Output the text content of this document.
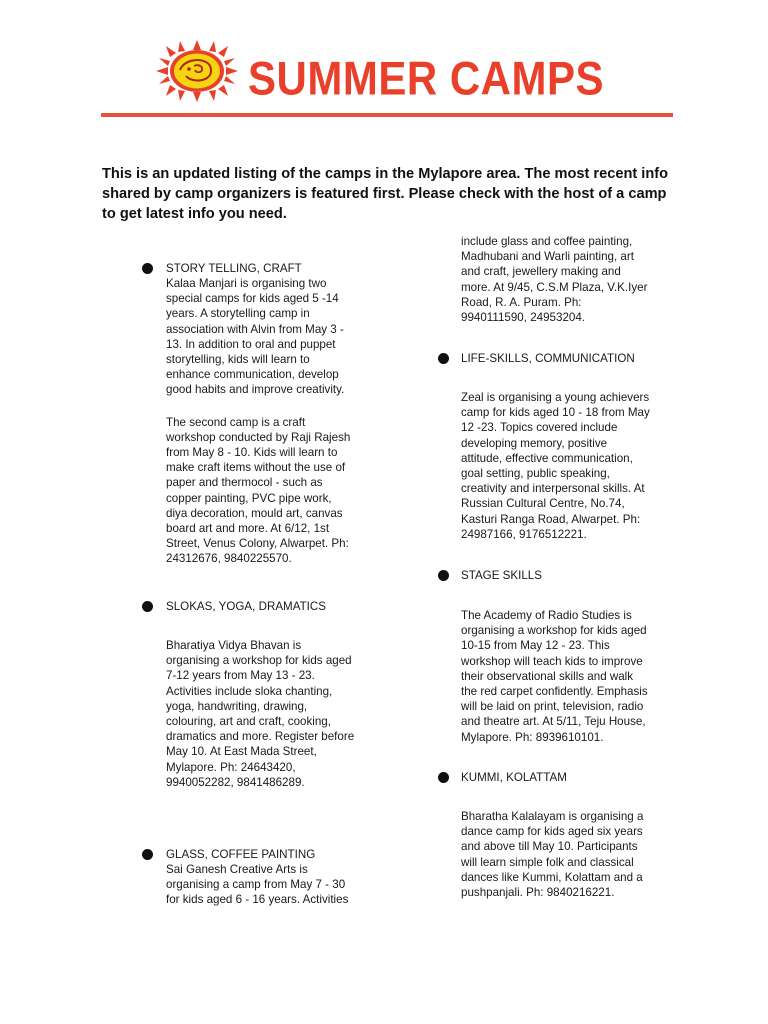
SUMMER CAMPS
This is an updated listing of the camps in the Mylapore area. The most recent info shared by camp organizers is featured first. Please check with the host of a camp to get latest info you need.
STORY TELLING, CRAFT

Kalaa Manjari is organising two
special camps for kids aged 5 -14
years. A storytelling camp in
association with Alvin from May 3 -
13. In addition to oral and puppet
storytelling, kids will learn to
enhance communication, develop
good habits and improve creativity.

The second camp is a craft
workshop conducted by Raji Rajesh
from May 8 - 10. Kids will learn to
make craft items without the use of
paper and thermocol - such as
copper painting, PVC pipe work,
diya decoration, mould art, canvas
board art and more. At 6/12, 1st
Street, Venus Colony, Alwarpet. Ph:
24312676, 9840225570.

SLOKAS, YOGA, DRAMATICS

Bharatiya Vidya Bhavan is
organising a workshop for kids aged
7-12 years from May 13 - 23.
Activities include sloka chanting,
yoga, handwriting, drawing,
colouring, art and craft, cooking,
dramatics and more. Register before
May 10. At East Mada Street,
Mylapore. Ph: 24643420,
9940052282, 9841486289.

GLASS, COFFEE PAINTING

Sai Ganesh Creative Arts is
organising a camp from May 7 - 30
for kids aged 6 - 16 years. Activities

include glass and coffee painting,
Madhubani and Warli painting, art
and craft, jewellery making and
more. At 9/45, C.S.M Plaza, V.K.Iyer
Road, R. A. Puram. Ph:
9940111590, 24953204.

LIFE-SKILLS, COMMUNICATION

Zeal is organising a young achievers
camp for kids aged 10 - 18 from May
12 -23. Topics covered include
developing memory, positive
attitude, effective communication,
goal setting, public speaking,
creativity and interpersonal skills. At
Russian Cultural Centre, No.74,
Kasturi Ranga Road, Alwarpet. Ph:
24987166, 9176512221.

STAGE SKILLS

The Academy of Radio Studies is
organising a workshop for kids aged
10-15 from May 12 - 23. This
workshop will teach kids to improve
their observational skills and walk
the red carpet confidently. Emphasis
will be laid on print, television, radio
and theatre art. At 5/11, Teju House,
Mylapore. Ph: 8939610101.

KUMMI, KOLATTAM

Bharatha Kalalayam is organising a
dance camp for kids aged six years
and above till May 10. Participants
will learn simple folk and classical
dances like Kummi, Kolattam and a
pushpanjali. Ph: 9840216221.
